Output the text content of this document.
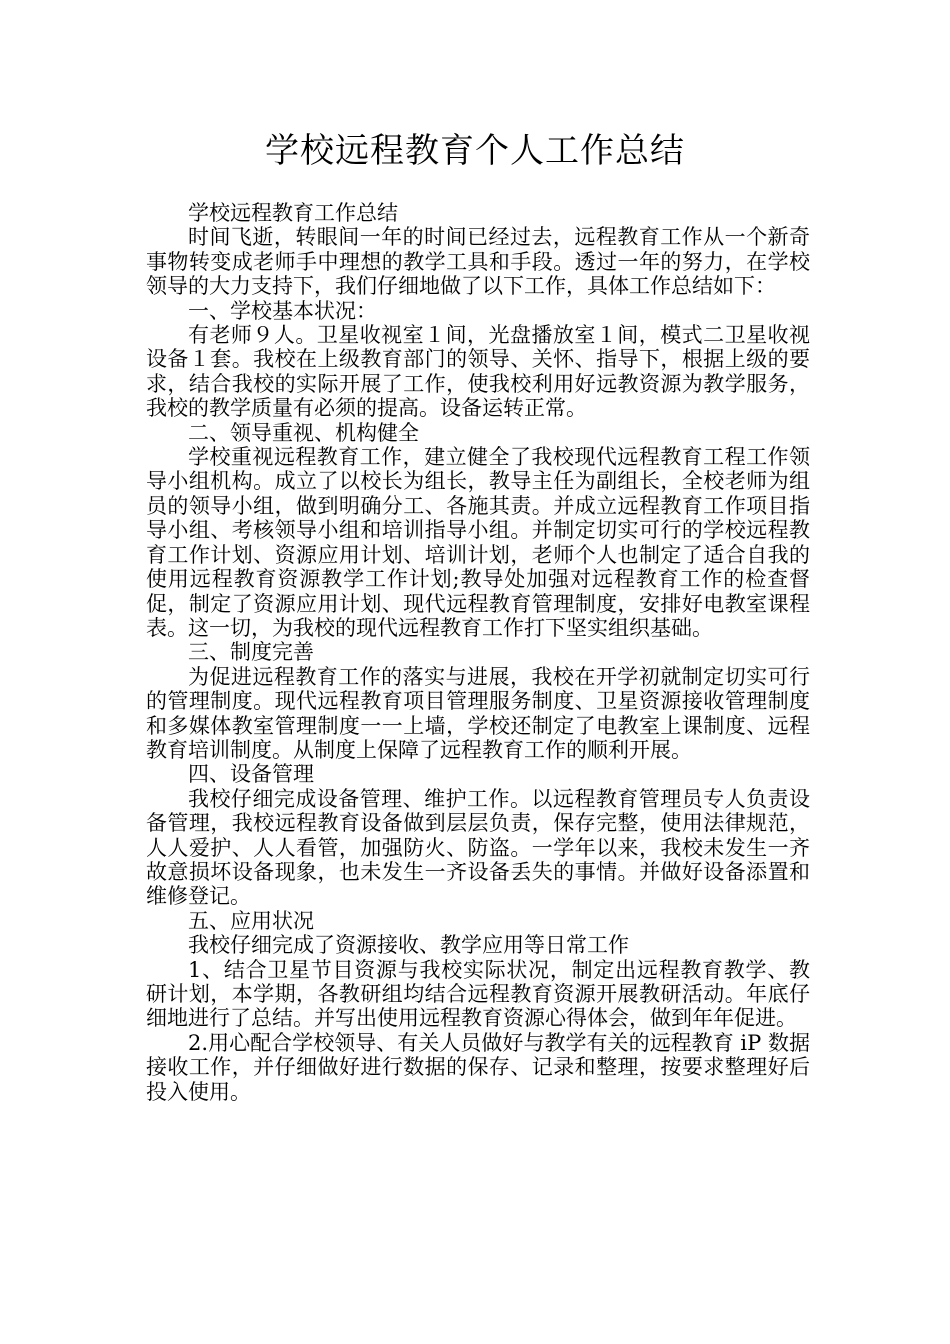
学校远程教育个人工作总结

学校远程教育工作总结

时间飞逝，转眼间一年的时间已经过去，远程教育工作从一个新奇事物转变成老师手中理想的教学工具和手段。透过一年的努力，在学校领导的大力支持下，我们仔细地做了以下工作，具体工作总结如下：

一、学校基本状况：

有老师９人。卫星收视室１间，光盘播放室１间，模式二卫星收视设备１套。我校在上级教育部门的领导、关怀、指导下，根据上级的要求，结合我校的实际开展了工作，使我校利用好远教资源为教学服务，我校的教学质量有必须的提高。设备运转正常。

二、领导重视、机构健全

学校重视远程教育工作，建立健全了我校现代远程教育工程工作领导小组机构。成立了以校长为组长，教导主任为副组长，全校老师为组员的领导小组，做到明确分工、各施其责。并成立远程教育工作项目指导小组、考核领导小组和培训指导小组。并制定切实可行的学校远程教育工作计划、资源应用计划、培训计划，老师个人也制定了适合自我的使用远程教育资源教学工作计划;教导处加强对远程教育工作的检查督促，制定了资源应用计划、现代远程教育管理制度，安排好电教室课程表。这一切，为我校的现代远程教育工作打下坚实组织基础。

三、制度完善

为促进远程教育工作的落实与进展，我校在开学初就制定切实可行的管理制度。现代远程教育项目管理服务制度、卫星资源接收管理制度和多媒体教室管理制度一一上墙，学校还制定了电教室上课制度、远程教育培训制度。从制度上保障了远程教育工作的顺利开展。

四、设备管理

我校仔细完成设备管理、维护工作。以远程教育管理员专人负责设备管理，我校远程教育设备做到层层负责，保存完整，使用法律规范，人人爱护、人人看管，加强防火、防盗。一学年以来，我校未发生一齐故意损坏设备现象，也未发生一齐设备丢失的事情。并做好设备添置和维修登记。

五、应用状况

我校仔细完成了资源接收、教学应用等日常工作

1、结合卫星节目资源与我校实际状况，制定出远程教育教学、教研计划，本学期，各教研组均结合远程教育资源开展教研活动。年底仔细地进行了总结。并写出使用远程教育资源心得体会，做到年年促进。

2.用心配合学校领导、有关人员做好与教学有关的远程教育 iP 数据接收工作，并仔细做好进行数据的保存、记录和整理，按要求整理好后投入使用。
